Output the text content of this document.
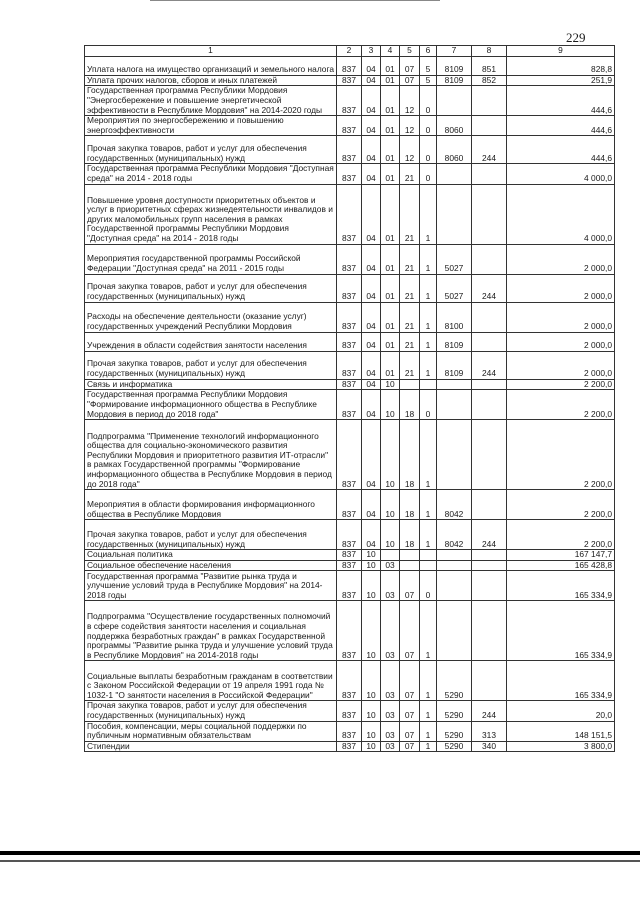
229
1	2	3	4	5	6	7	8	9
Уплата налога на имущество организаций и земельного налога	837	04	01	07	5	8109	851	828,8
Уплата прочих налогов, сборов и иных платежей	837	04	01	07	5	8109	852	251,9
Государственная программа Республики Мордовия "Энергосбережение и повышение энергетической эффективности в Республике Мордовия" на 2014-2020 годы	837	04	01	12	0			444,6
Мероприятия по энергосбережению и повышению энергоэффективности	837	04	01	12	0	8060		444,6
Прочая закупка товаров, работ и услуг для обеспечения государственных (муниципальных) нужд	837	04	01	12	0	8060	244	444,6
Государственная программа Республики Мордовия "Доступная среда" на 2014 - 2018 годы	837	04	01	21	0			4 000,0
Повышение уровня доступности приоритетных объектов и услуг в приоритетных сферах жизнедеятельности инвалидов и других маломобильных групп населения в рамках Государственной программы Республики Мордовия "Доступная среда" на 2014 - 2018 годы	837	04	01	21	1			4 000,0
Мероприятия государственной программы Российской Федерации "Доступная среда" на 2011 - 2015 годы	837	04	01	21	1	5027		2 000,0
Прочая закупка товаров, работ и услуг для обеспечения государственных (муниципальных) нужд	837	04	01	21	1	5027	244	2 000,0
Расходы на обеспечение деятельности (оказание услуг) государственных учреждений Республики Мордовия	837	04	01	21	1	8100		2 000,0
Учреждения в области содействия занятости населения	837	04	01	21	1	8109		2 000,0
Прочая закупка товаров, работ и услуг для обеспечения государственных (муниципальных) нужд	837	04	01	21	1	8109	244	2 000,0
Связь и информатика	837	04	10					2 200,0
Государственная программа Республики Мордовия "Формирование информационного общества в Республике Мордовия в период до 2018 года"	837	04	10	18	0			2 200,0
Подпрограмма "Применение технологий информационного общества для социально-экономического развития Республики Мордовия и приоритетного развития ИТ-отрасли" в рамках Государственной программы "Формирование информационного общества в Республике Мордовия в период до 2018 года"	837	04	10	18	1			2 200,0
Мероприятия в области формирования информационного общества в Республике Мордовия	837	04	10	18	1	8042		2 200,0
Прочая закупка товаров, работ и услуг для обеспечения государственных (муниципальных) нужд	837	04	10	18	1	8042	244	2 200,0
Социальная политика	837	10						167 147,7
Социальное обеспечение населения	837	10	03					165 428,8
Государственная программа "Развитие рынка труда и улучшение условий труда в Республике Мордовия" на 2014-2018 годы	837	10	03	07	0			165 334,9
Подпрограмма "Осуществление государственных полномочий в сфере содействия занятости населения и социальная поддержка безработных граждан" в рамках Государственной программы "Развитие рынка труда и улучшение условий труда в Республике Мордовия" на 2014-2018 годы	837	10	03	07	1			165 334,9
Социальные выплаты безработным гражданам в соответствии с Законом Российской Федерации от 19 апреля 1991 года № 1032-1 "О занятости населения в Российской Федерации"	837	10	03	07	1	5290		165 334,9
Прочая закупка товаров, работ и услуг для обеспечения государственных (муниципальных) нужд	837	10	03	07	1	5290	244	20,0
Пособия, компенсации, меры социальной поддержки по публичным нормативным обязательствам	837	10	03	07	1	5290	313	148 151,5
Стипендии	837	10	03	07	1	5290	340	3 800,0
